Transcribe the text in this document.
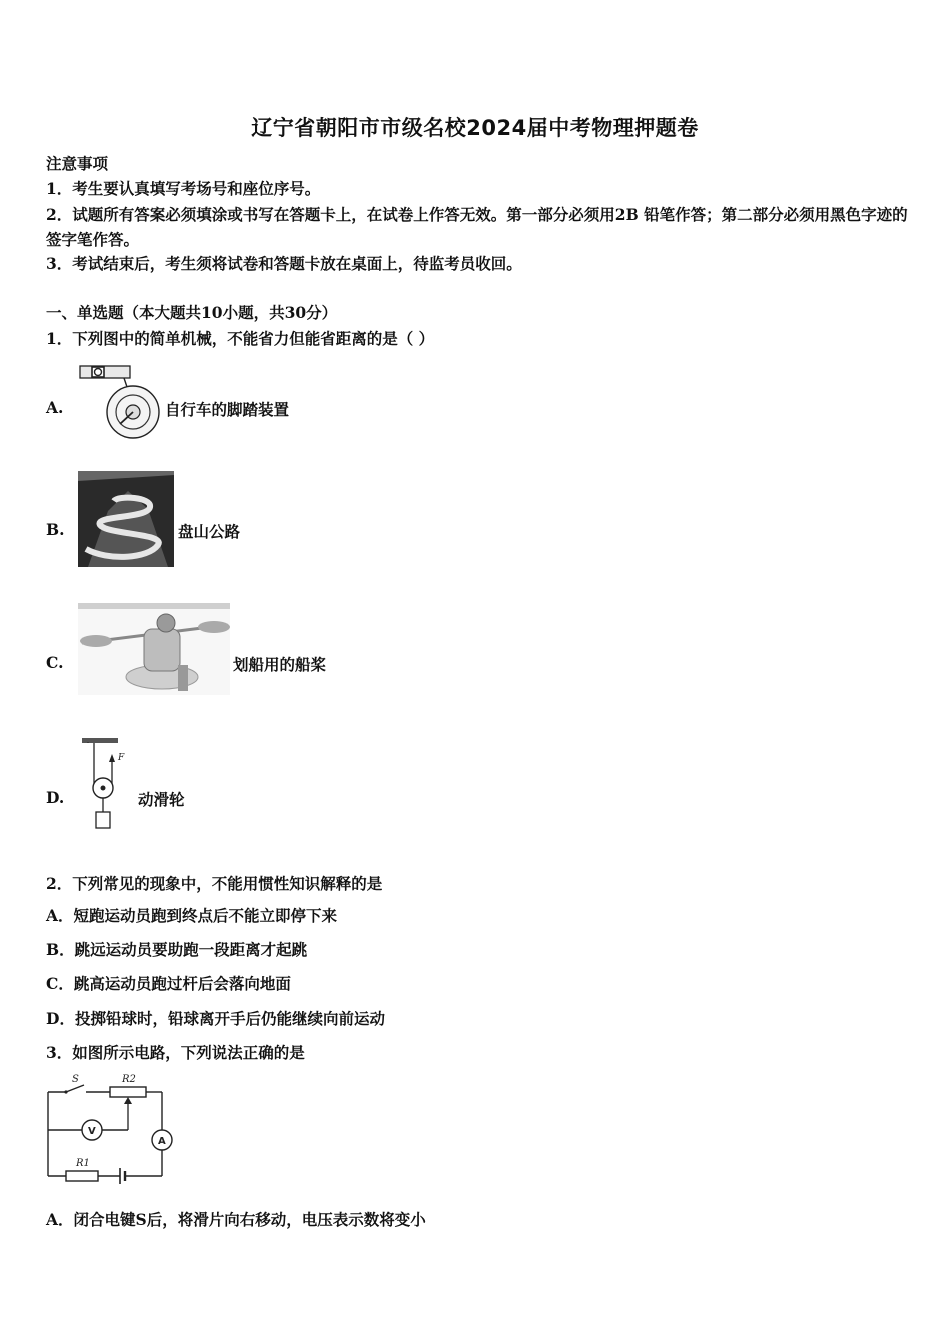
辽宁省朝阳市市级名校2024届中考物理押题卷
注意事项
1．考生要认真填写考场号和座位序号。
2．试题所有答案必须填涂或书写在答题卡上，在试卷上作答无效。第一部分必须用2B 铅笔作答；第二部分必须用黑色字迹的签字笔作答。
3．考试结束后，考生须将试卷和答题卡放在桌面上，待监考员收回。
一、单选题（本大题共10小题，共30分）
1．下列图中的简单机械，不能省力但能省距离的是（ ）
A.	自行车的脚踏装置
B.	盘山公路
C.	划船用的船桨
D.
F
动滑轮
2．下列常见的现象中，不能用惯性知识解释的是
A．短跑运动员跑到终点后不能立即停下来
B．跳远运动员要助跑一段距离才起跳
C．跳高运动员跑过杆后会落向地面
D．投掷铅球时，铅球离开手后仍能继续向前运动
3．如图所示电路，下列说法正确的是
S	R2
V
A
R1
A．闭合电键S后，将滑片向右移动，电压表示数将变小
